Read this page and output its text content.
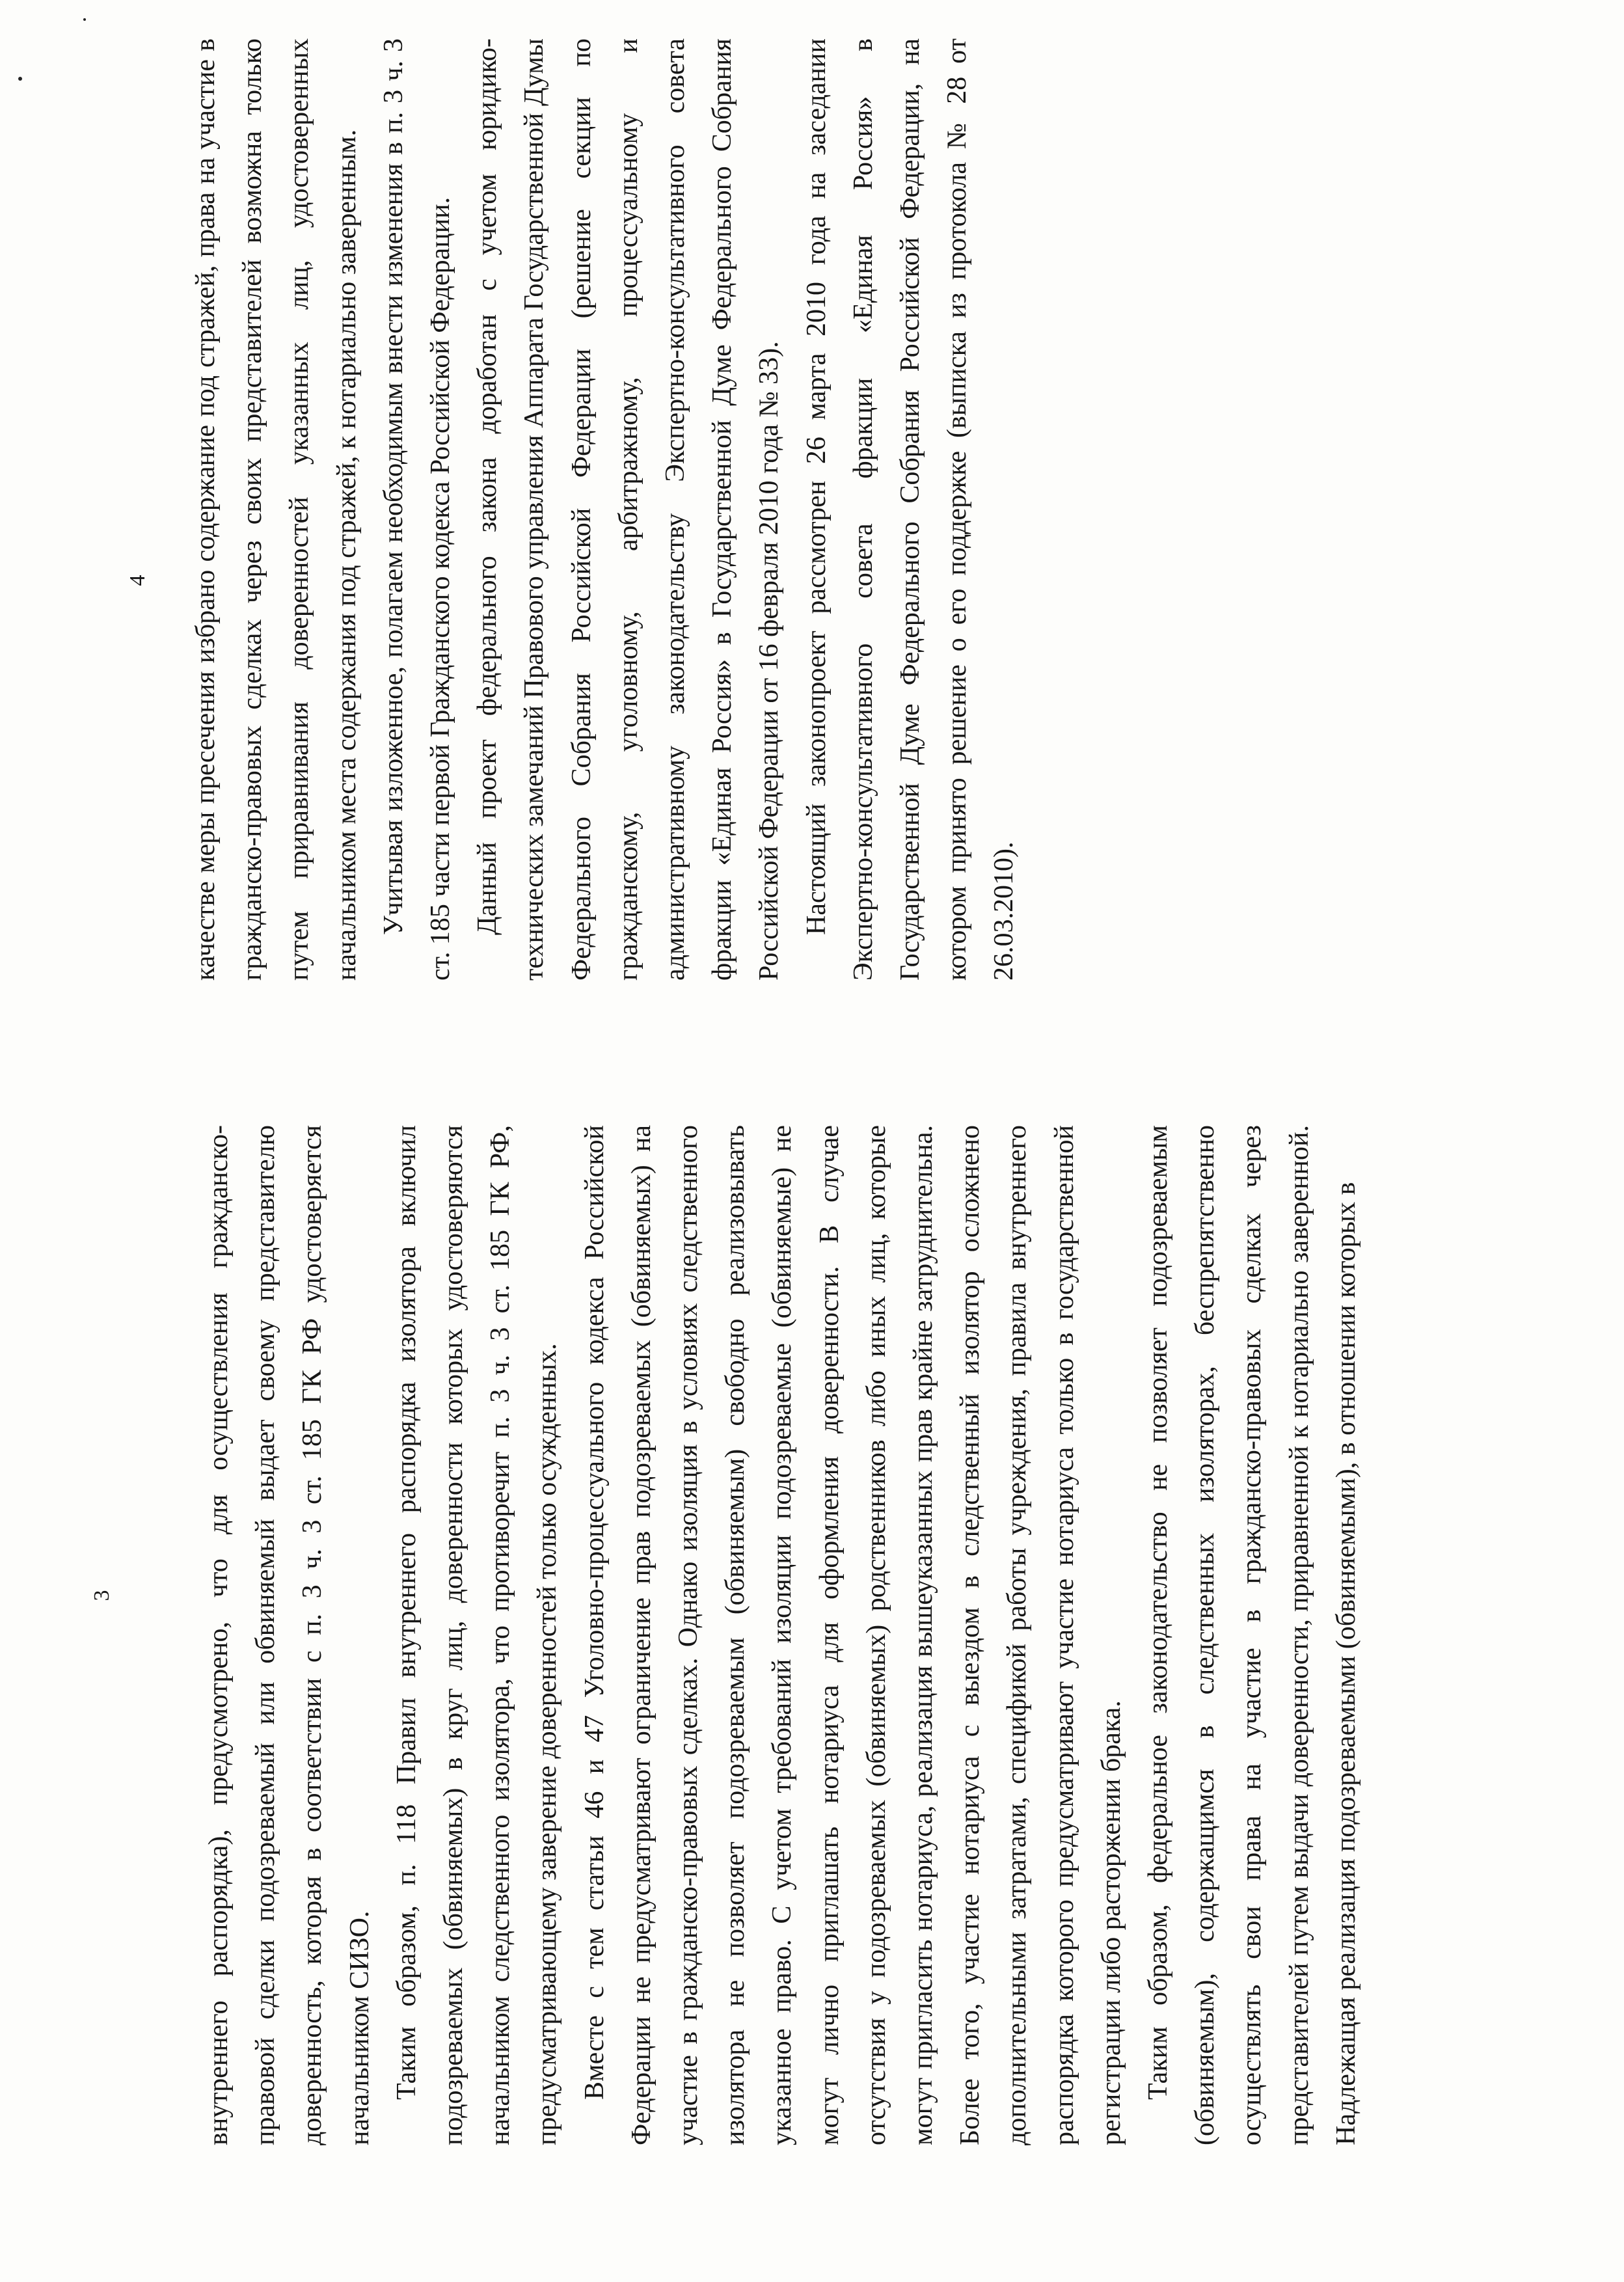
3
4

внутреннего распорядка), предусмотрено, что для осуществления гражданско-правовой сделки подозреваемый или обвиняемый выдает своему представителю доверенность, которая в соответствии с п. 3 ч. 3 ст. 185 ГК РФ удостоверяется начальником СИЗО. Таким образом, п. 118 Правил внутреннего распорядка изолятора включил подозреваемых (обвиняемых) в круг лиц, доверенности которых удостоверяются начальником следственного изолятора, что противоречит п. 3 ч. 3 ст. 185 ГК РФ, предусматривающему заверение доверенностей только осужденных. Вместе с тем статьи 46 и 47 Уголовно-процессуального кодекса Российской Федерации не предусматривают ограничение прав подозреваемых (обвиняемых) на участие в гражданско-правовых сделках. Однако изоляция в условиях следственного изолятора не позволяет подозреваемым (обвиняемым) свободно реализовывать указанное право. С учетом требований изоляции подозреваемые (обвиняемые) не могут лично приглашать нотариуса для оформления доверенности. В случае отсутствия у подозреваемых (обвиняемых) родственников либо иных лиц, которые могут пригласить нотариуса, реализация вышеуказанных прав крайне затруднительна. Более того, участие нотариуса с выездом в следственный изолятор осложнено дополнительными затратами, спецификой работы учреждения, правила внутреннего распорядка которого предусматривают участие нотариуса только в государственной регистрации либо расторжении брака. Таким образом, федеральное законодательство не позволяет подозреваемым (обвиняемым), содержащимся в следственных изоляторах, беспрепятственно осуществлять свои права на участие в гражданско-правовых сделках через представителей путем выдачи доверенности, приравненной к нотариально заверенной. Надлежащая реализация подозреваемыми (обвиняемыми), в отношении которых в

качестве меры пресечения избрано содержание под стражей, права на участие в гражданско-правовых сделках через своих представителей возможна только путем приравнивания доверенностей указанных лиц, удостоверенных начальником места содержания под стражей, к нотариально заверенным. Учитывая изложенное, полагаем необходимым внести изменения в п. 3 ч. 3 ст. 185 части первой Гражданского кодекса Российской Федерации. Данный проект федерального закона доработан с учетом юридико-технических замечаний Правового управления Аппарата Государственной Думы Федерального Собрания Российской Федерации (решение секции по гражданскому, уголовному, арбитражному, процессуальному и административному законодательству Экспертно-консультативного совета фракции «Единая Россия» в Государственной Думе Федерального Собрания Российской Федерации от 16 февраля 2010 года № 33). Настоящий законопроект рассмотрен 26 марта 2010 года на заседании Экспертно-консультативного совета фракции «Единая Россия» в Государственной Думе Федерального Собрания Российской Федерации, на котором принято решение о его поддержке (выписка из протокола № 28 от 26.03.2010).
